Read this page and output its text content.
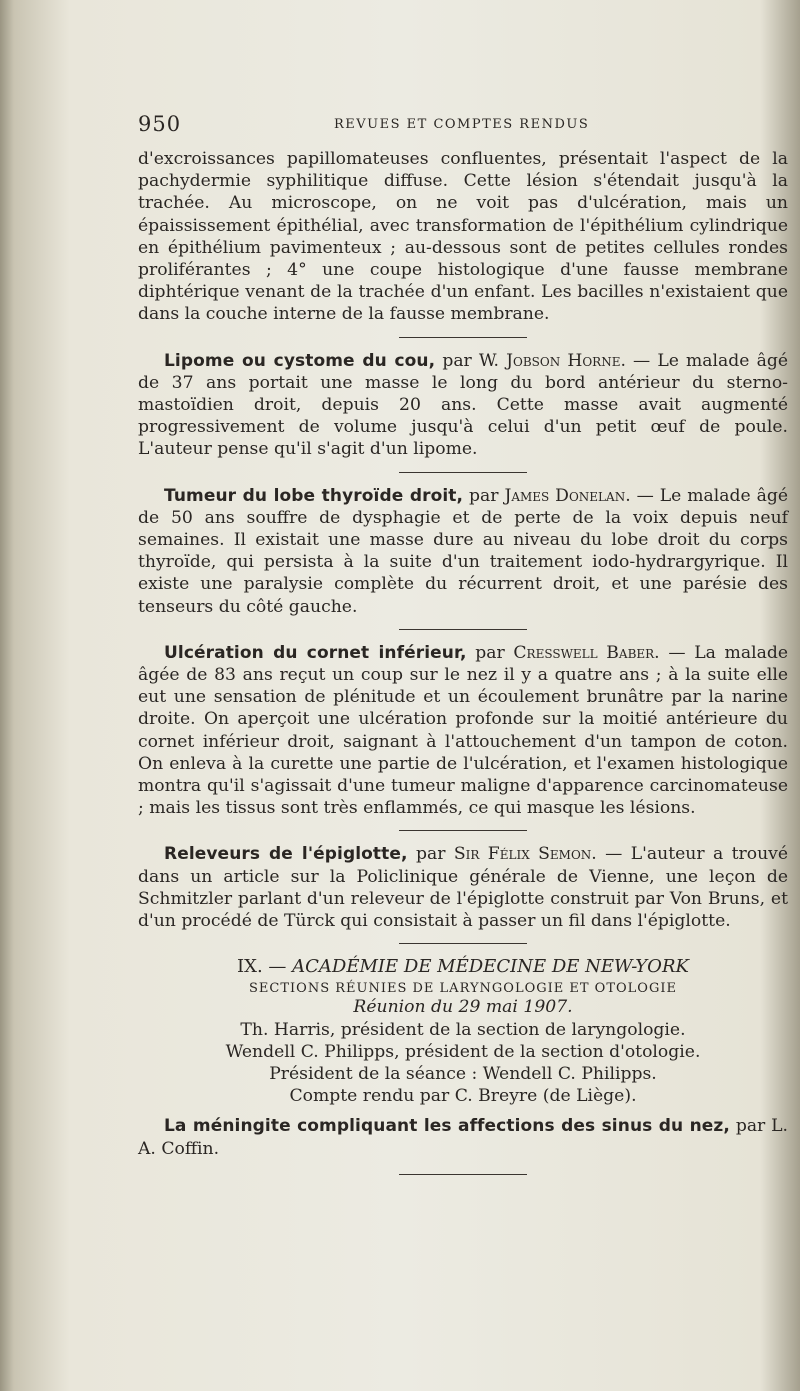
950	REVUES ET COMPTES RENDUS

d'excroissances papillomateuses confluentes, présentait l'aspect de la pachydermie syphilitique diffuse. Cette lésion s'étendait jusqu'à la trachée. Au microscope, on ne voit pas d'ulcération, mais un épaississement épithélial, avec transformation de l'épithélium cylindrique en épithélium pavimenteux ; au-dessous sont de petites cellules rondes proliférantes ; 4° une coupe histologique d'une fausse membrane diphtérique venant de la trachée d'un enfant. Les bacilles n'existaient que dans la couche interne de la fausse membrane.

Lipome ou cystome du cou, par W. Jobson Horne. — Le malade âgé de 37 ans portait une masse le long du bord antérieur du sterno-mastoïdien droit, depuis 20 ans. Cette masse avait augmenté progressivement de volume jusqu'à celui d'un petit œuf de poule. L'auteur pense qu'il s'agit d'un lipome.

Tumeur du lobe thyroïde droit, par James Donelan. — Le malade âgé de 50 ans souffre de dysphagie et de perte de la voix depuis neuf semaines. Il existait une masse dure au niveau du lobe droit du corps thyroïde, qui persista à la suite d'un traitement iodo-hydrargyrique. Il existe une paralysie complète du récurrent droit, et une parésie des tenseurs du côté gauche.

Ulcération du cornet inférieur, par Cresswell Baber. — La malade âgée de 83 ans reçut un coup sur le nez il y a quatre ans ; à la suite elle eut une sensation de plénitude et un écoulement brunâtre par la narine droite. On aperçoit une ulcération profonde sur la moitié antérieure du cornet inférieur droit, saignant à l'attouchement d'un tampon de coton. On enleva à la curette une partie de l'ulcération, et l'examen histologique montra qu'il s'agissait d'une tumeur maligne d'apparence carcinomateuse ; mais les tissus sont très enflammés, ce qui masque les lésions.

Releveurs de l'épiglotte, par Sir Félix Semon. — L'auteur a trouvé dans un article sur la Policlinique générale de Vienne, une leçon de Schmitzler parlant d'un releveur de l'épiglotte construit par Von Bruns, et d'un procédé de Türck qui consistait à passer un fil dans l'épiglotte.

IX. — ACADÉMIE DE MÉDECINE DE NEW-YORK
SECTIONS RÉUNIES DE LARYNGOLOGIE ET OTOLOGIE
Réunion du 29 mai 1907.
Th. Harris, président de la section de laryngologie.
Wendell C. Philipps, président de la section d'otologie.
Président de la séance : Wendell C. Philipps.
Compte rendu par C. Breyre (de Liège).

La méningite compliquant les affections des sinus du nez, par L. A. Coffin.
